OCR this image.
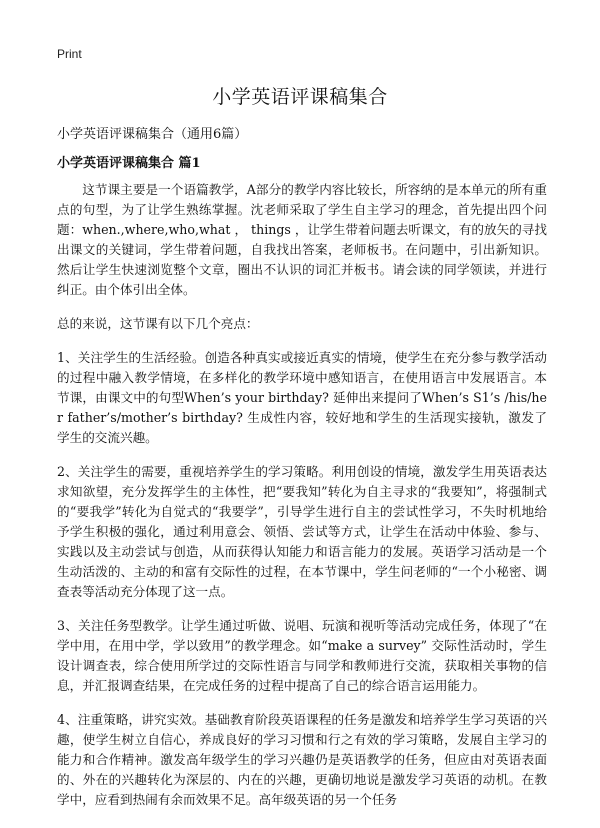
Print
小学英语评课稿集合

小学英语评课稿集合（通用6篇）

小学英语评课稿集合 篇1

这节课主要是一个语篇教学，A部分的教学内容比较长，所容纳的是本单元的所有重点的句型，为了让学生熟练掌握。沈老师采取了学生自主学习的理念，首先提出四个问题：when.,where,who,what ， things ，让学生带着问题去听课文，有的放矢的寻找出课文的关键词，学生带着问题，自我找出答案，老师板书。在问题中，引出新知识。然后让学生快速浏览整个文章，圈出不认识的词汇并板书。请会读的同学领读，并进行纠正。由个体引出全体。

总的来说，这节课有以下几个亮点：

1、关注学生的生活经验。创造各种真实或接近真实的情境，使学生在充分参与教学活动的过程中融入教学情境，在多样化的教学环境中感知语言，在使用语言中发展语言。本节课，由课文中的句型When’s your birthday? 延伸出来提问了When’s S1’s /his/her father’s/mother’s birthday? 生成性内容，较好地和学生的生活现实接轨，激发了学生的交流兴趣。

2、关注学生的需要，重视培养学生的学习策略。利用创设的情境，激发学生用英语表达求知欲望，充分发挥学生的主体性，把“要我知”转化为自主寻求的“我要知”，将强制式的“要我学”转化为自觉式的“我要学”，引导学生进行自主的尝试性学习，不失时机地给予学生积极的强化，通过利用意会、领悟、尝试等方式，让学生在活动中体验、参与、实践以及主动尝试与创造，从而获得认知能力和语言能力的发展。英语学习活动是一个生动活泼的、主动的和富有交际性的过程，在本节课中，学生问老师的“一个小秘密、调查表等活动充分体现了这一点。

3、关注任务型教学。让学生通过听做、说唱、玩演和视听等活动完成任务，体现了“在学中用，在用中学，学以致用”的教学理念。如“make a survey” 交际性活动时，学生设计调查表，综合使用所学过的交际性语言与同学和教师进行交流，获取相关事物的信息，并汇报调查结果，在完成任务的过程中提高了自己的综合语言运用能力。

4、注重策略，讲究实效。基础教育阶段英语课程的任务是激发和培养学生学习英语的兴趣，使学生树立自信心，养成良好的学习习惯和行之有效的学习策略，发展自主学习的能力和合作精神。激发高年级学生的学习兴趣仍是英语教学的任务，但应由对英语表面的、外在的兴趣转化为深层的、内在的兴趣，更确切地说是激发学习英语的动机。在教学中，应看到热闹有余而效果不足。高年级英语的另一个任务
